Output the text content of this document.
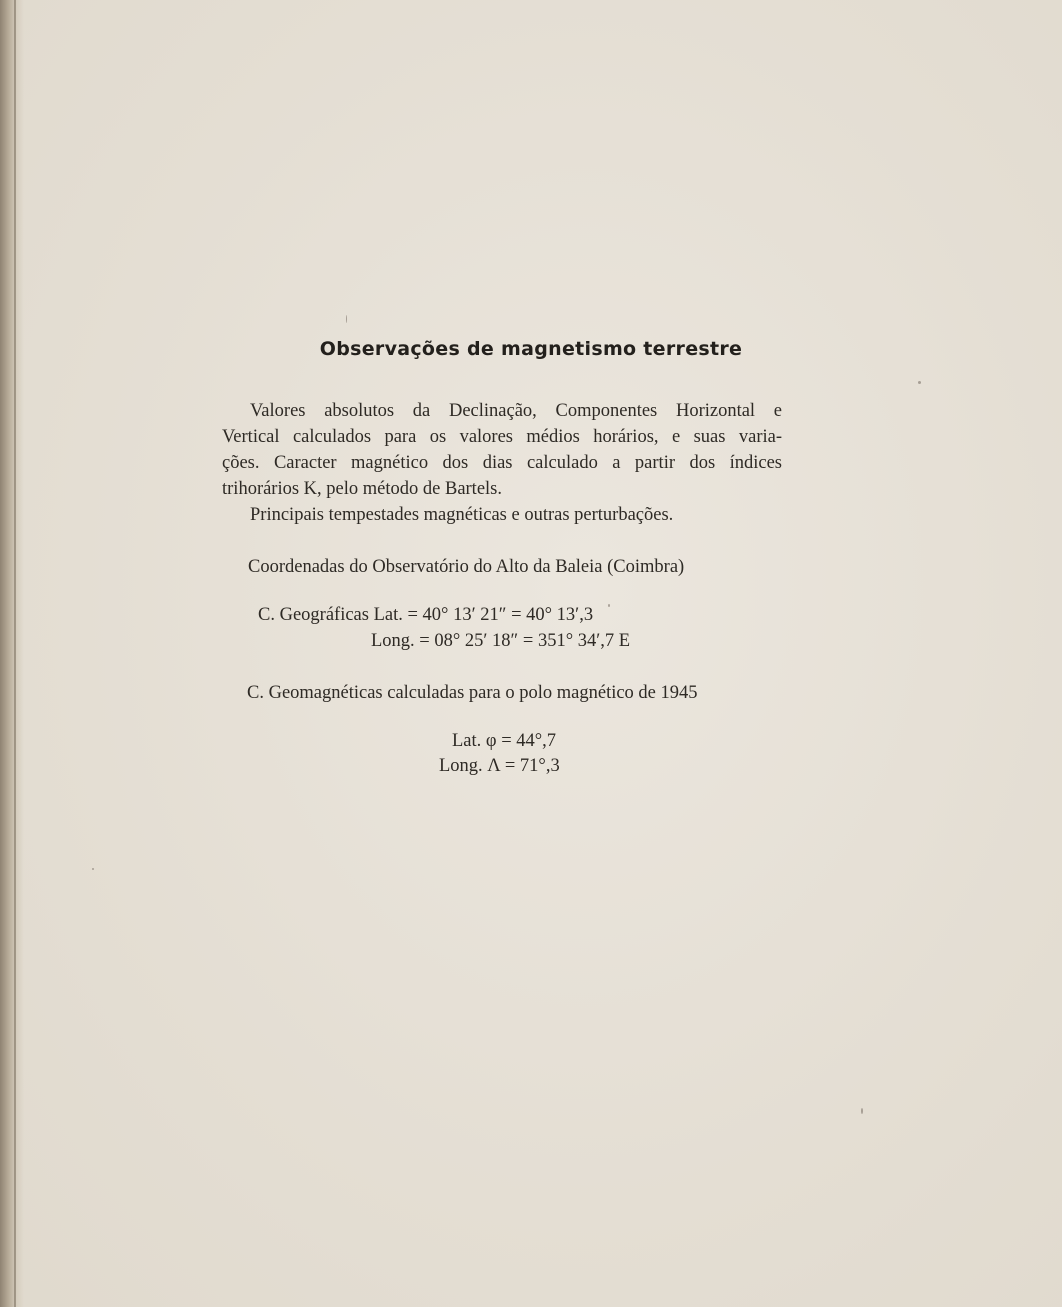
Observações de magnetismo terrestre
Valores absolutos da Declinação, Componentes Horizontal e
Vertical calculados para os valores médios horários, e suas varia-
ções. Caracter magnético dos dias calculado a partir dos índices
trihorários K, pelo método de Bartels.
Principais tempestades magnéticas e outras perturbações.
Coordenadas do Observatório do Alto da Baleia (Coimbra)
C. Geográficas Lat. = 40° 13′ 21″ = 40° 13′,3
Long. = 08° 25′ 18″ = 351° 34′,7 E
C. Geomagnéticas calculadas para o polo magnético de 1945
Lat. φ = 44°,7
Long. Λ = 71°,3
